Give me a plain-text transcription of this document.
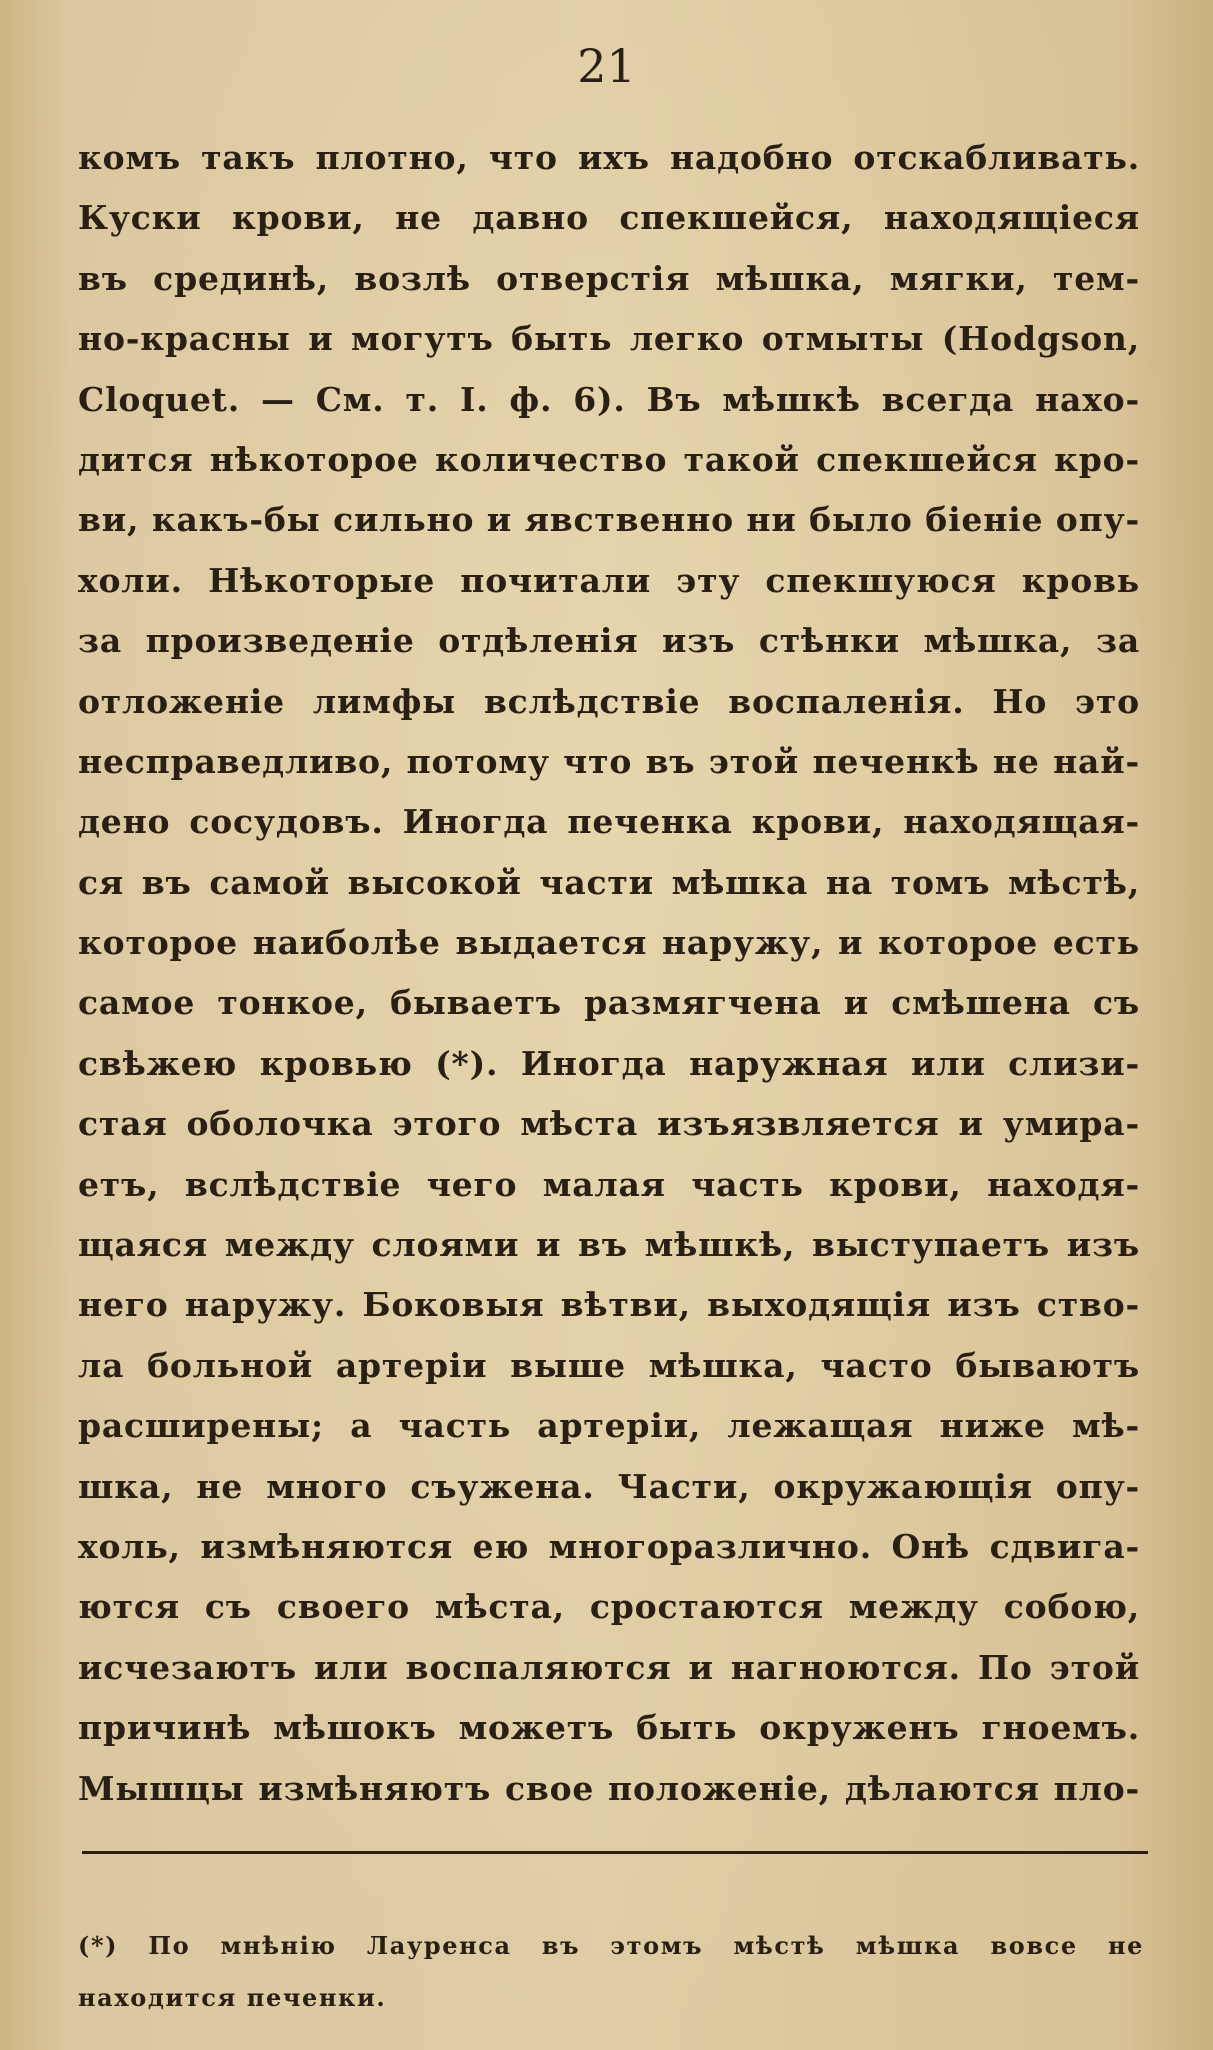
21
комъ такъ плотно, что ихъ надобно отскабливать.
Куски крови, не давно спекшейся, находящіеся
въ срединѣ, возлѣ отверстія мѣшка, мягки, тем-
но-красны и могутъ быть легко отмыты (Hodgson,
Cloquet. — См. т. I. ф. 6). Въ мѣшкѣ всегда нахо-
дится нѣкоторое количество такой спекшейся кро-
ви, какъ-бы сильно и явственно ни было біеніе опу-
холи. Нѣкоторые почитали эту спекшуюся кровь
за произведеніе отдѣленія изъ стѣнки мѣшка, за
отложеніе лимфы вслѣдствіе воспаленія. Но это
несправедливо, потому что въ этой печенкѣ не най-
дено сосудовъ. Иногда печенка крови, находящая-
ся въ самой высокой части мѣшка на томъ мѣстѣ,
которое наиболѣе выдается наружу, и которое есть
самое тонкое, бываетъ размягчена и смѣшена съ
свѣжею кровью (*). Иногда наружная или слизи-
стая оболочка этого мѣста изъязвляется и умира-
етъ, вслѣдствіе чего малая часть крови, находя-
щаяся между слоями и въ мѣшкѣ, выступаетъ изъ
него наружу. Боковыя вѣтви, выходящія изъ ство-
ла больной артеріи выше мѣшка, часто бываютъ
расширены; а часть артеріи, лежащая ниже мѣ-
шка, не много съужена. Части, окружающія опу-
холь, измѣняются ею многоразлично. Онѣ сдвига-
ются съ своего мѣста, сростаются между собою,
исчезаютъ или воспаляются и нагноются. По этой
причинѣ мѣшокъ можетъ быть окруженъ гноемъ.
Мышцы измѣняютъ свое положеніе, дѣлаются пло-
(*) По мнѣнію Лауренса въ этомъ мѣстѣ мѣшка вовсе не
находится печенки.
